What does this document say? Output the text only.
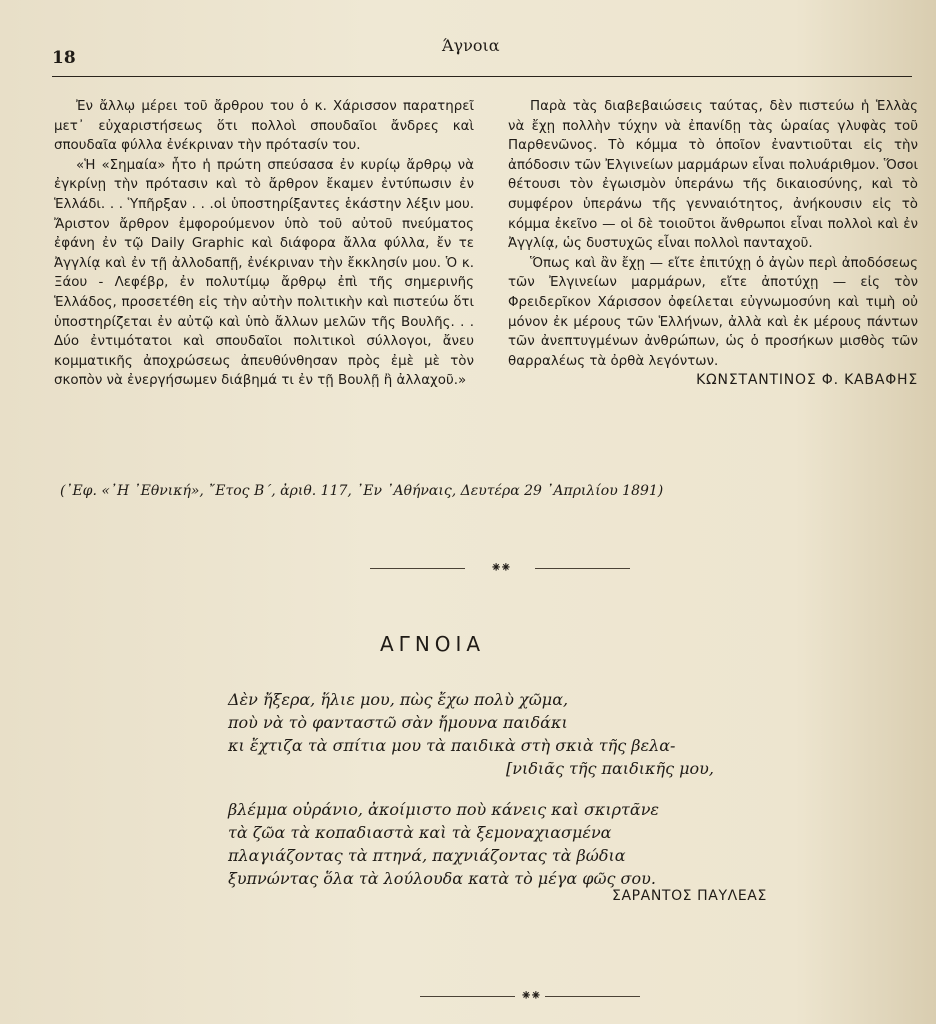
18
Άγνοια

Ἐν ἄλλῳ μέρει τοῦ ἄρθρου του ὁ κ. Χάρισσον παρατηρεῖ μετ᾽ εὐχαριστήσεως ὅτι πολλοὶ σπουδαῖοι ἄνδρες καὶ σπουδαῖα φύλλα ἐνέκριναν τὴν πρότασίν του.

«Ἡ «Σημαία» ἦτο ἡ πρώτη σπεύσασα ἐν κυρίῳ ἄρθρῳ νὰ ἐγκρίνῃ τὴν πρότασιν καὶ τὸ ἄρθρον ἔκαμεν ἐντύπωσιν ἐν Ἑλλάδι. . . Ὑπῆρξαν . . .οἱ ὑποστηρίξαντες ἑκάστην λέξιν μου. Ἄριστον ἄρθρον ἐμφορούμενον ὑπὸ τοῦ αὐτοῦ πνεύματος ἐφάνη ἐν τῷ Daily Graphic καὶ διάφορα ἄλλα φύλλα, ἔν τε Ἀγγλίᾳ καὶ ἐν τῇ ἀλλοδαπῇ, ἐνέκριναν τὴν ἔκκλησίν μου. Ὁ κ. Ξάου - Λεφέβρ, ἐν πολυτίμῳ ἄρθρῳ ἐπὶ τῆς σημερινῆς Ἑλλάδος, προσετέθη εἰς τὴν αὐτὴν πολιτικὴν καὶ πιστεύω ὅτι ὑποστηρίζεται ἐν αὐτῷ καὶ ὑπὸ ἄλλων μελῶν τῆς Βουλῆς. . . Δύο ἐντιμότατοι καὶ σπουδαῖοι πολιτικοὶ σύλλογοι, ἄνευ κομματικῆς ἀποχρώσεως ἀπευθύνθησαν πρὸς ἐμὲ μὲ τὸν σκοπὸν νὰ ἐνεργήσωμεν διάβημά τι ἐν τῇ Βουλῇ ἢ ἀλλαχοῦ.»

Παρὰ τὰς διαβεβαιώσεις ταύτας, δὲν πιστεύω ἡ Ἑλλὰς νὰ ἔχῃ πολλὴν τύχην νὰ ἐπανίδῃ τὰς ὡραίας γλυφὰς τοῦ Παρθενῶνος. Τὸ κόμμα τὸ ὁποῖον ἐναντιοῦται εἰς τὴν ἀπόδοσιν τῶν Ἐλγινείων μαρμάρων εἶναι πολυάριθμον. Ὅσοι θέτουσι τὸν ἐγωισμὸν ὑπεράνω τῆς δικαιοσύνης, καὶ τὸ συμφέρον ὑπεράνω τῆς γενναιότητος, ἀνήκουσιν εἰς τὸ κόμμα ἐκεῖνο — οἱ δὲ τοιοῦτοι ἄνθρωποι εἶναι πολλοὶ καὶ ἐν Ἀγγλίᾳ, ὡς δυστυχῶς εἶναι πολλοὶ πανταχοῦ.

Ὅπως καὶ ἂν ἔχῃ — εἴτε ἐπιτύχῃ ὁ ἀγὼν περὶ ἀποδόσεως τῶν Ἐλγινείων μαρμάρων, εἴτε ἀποτύχῃ — εἰς τὸν Φρειδερῖκον Χάρισσον ὀφείλεται εὐγνωμοσύνη καὶ τιμὴ οὐ μόνον ἐκ μέρους τῶν Ἑλλήνων, ἀλλὰ καὶ ἐκ μέρους πάντων τῶν ἀνεπτυγμένων ἀνθρώπων, ὡς ὁ προσήκων μισθὸς τῶν θαρραλέως τὰ ὀρθὰ λεγόντων.

ΚΩΝΣΤΑΝΤΙΝΟΣ Φ. ΚΑΒΑΦΗΣ

(᾽Εφ. «᾽Η ᾽Εθνική», ῎Ετος Β´, ἀριθ. 117, ᾽Εν ᾽Αθήναις, Δευτέρα 29 ᾽Απριλίου 1891)
⁕⁕
ΑΓΝΟΙΑ
Δὲν ἤξερα, ἥλιε μου, πὼς ἔχω πολὺ χῶμα,
ποὺ νὰ τὸ φανταστῶ σὰν ἤμουνα παιδάκι
κι ἔχτιζα τὰ σπίτια μου τὰ παιδικὰ στὴ σκιὰ τῆς βελα-
[νιδιᾶς τῆς παιδικῆς μου,
βλέμμα οὐράνιο, ἀκοίμιστο ποὺ κάνεις καὶ σκιρτᾶνε
τὰ ζῶα τὰ κοπαδιαστὰ καὶ τὰ ξεμοναχιασμένα
πλαγιάζοντας τὰ πτηνά, παχνιάζοντας τὰ βώδια
ξυπνώντας ὅλα τὰ λούλουδα κατὰ τὸ μέγα φῶς σου.
ΣΑΡΑΝΤΟΣ ΠΑΥΛΕΑΣ
⁕⁕
